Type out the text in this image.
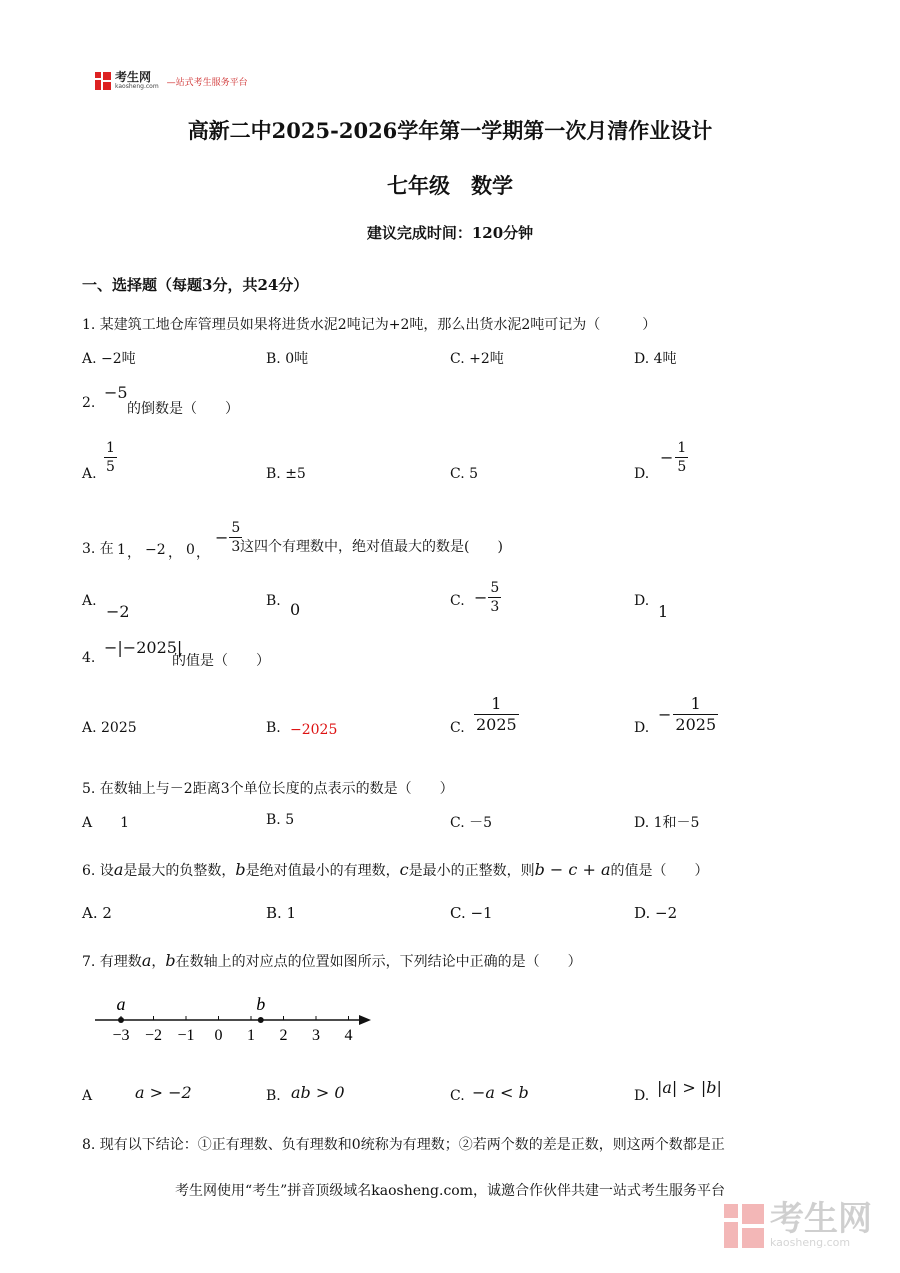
考生网
kaosheng.com —站式考生服务平台
高新二中2025-2026学年第一学期第一次月清作业设计
七年级　数学
建议完成时间：120分钟
一、选择题（每题3分，共24分）
1. 某建筑工地仓库管理员如果将进货水泥2吨记为+2吨，那么出货水泥2吨可记为（　　　）
A. −2吨	B. 0吨	C. +2吨	D. 4吨
2.
−5
的倒数是（　　）
A. $\frac{1}{5}$	B. ±5	C. 5	D.
− $\frac{1}{5}$
3. 在 1 ， −2 ， 0 ，
− $\frac{5}{3}$
这四个有理数中，绝对值最大的数是(　　)
A.
−2
B. 0	C. − $\frac{5}{3}$	D.
1
4.
−|−2025|
的值是（　　）
A. 2025	B. −2025	C. $\frac{1}{2025}$	D.
− $\frac{1}{2025}$
5. 在数轴上与－2距离3个单位长度的点表示的数是（　　）
A　　1	B. 5	C. －5	D. 1和－5
6. 设a是最大的负整数，b是绝对值最小的有理数，c是最小的正整数，则b − c + a的值是（　　）
A. 2	B. 1	C. −1	D. −2
7. 有理数a，b在数轴上的对应点的位置如图所示，下列结论中正确的是（　　）
−3 −2 −1 0 1 2 3 4
a	b
A	a > −2	B. ab > 0	C. −a < b	D. |a| > |b|
8. 现有以下结论：①正有理数、负有理数和0统称为有理数；②若两个数的差是正数，则这两个数都是正
考生网使用“考生”拼音顶级域名kaosheng.com，诚邀合作伙伴共建一站式考生服务平台
考生网
kaosheng.com
